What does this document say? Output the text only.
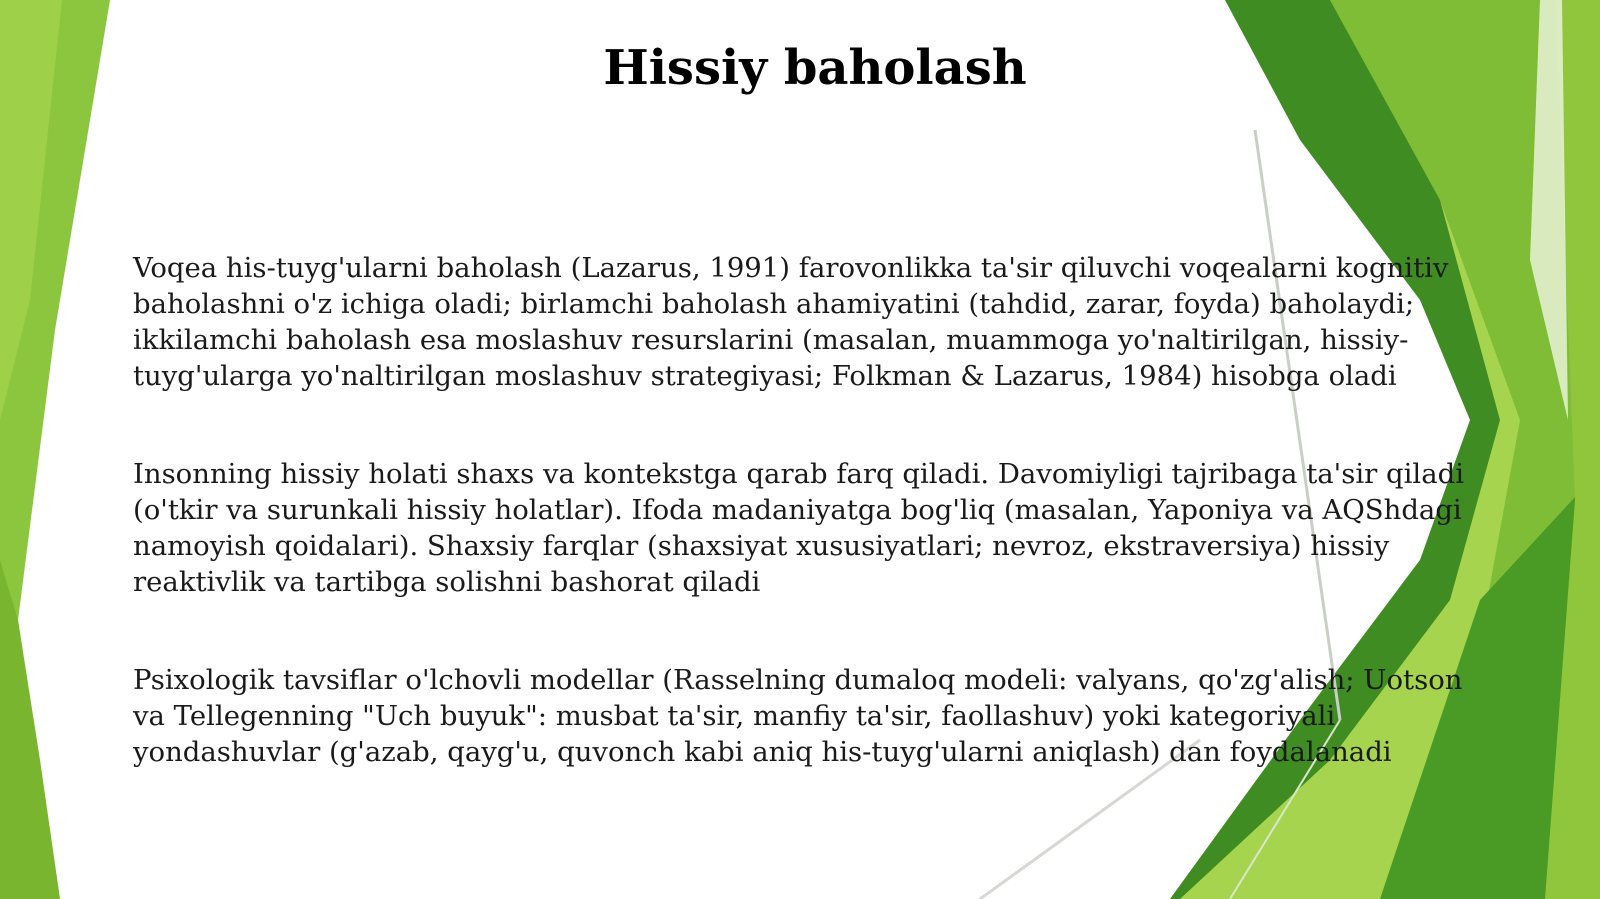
Hissiy baholash

Voqea his-tuyg'ularni baholash (Lazarus, 1991) farovonlikka ta'sir qiluvchi voqealarni kognitiv baholashni o'z ichiga oladi; birlamchi baholash ahamiyatini (tahdid, zarar, foyda) baholaydi; ikkilamchi baholash esa moslashuv resurslarini (masalan, muammoga yo'naltirilgan, hissiy-tuyg'ularga yo'naltirilgan moslashuv strategiyasi; Folkman & Lazarus, 1984) hisobga oladi

Insonning hissiy holati shaxs va kontekstga qarab farq qiladi. Davomiyligi tajribaga ta'sir qiladi (o'tkir va surunkali hissiy holatlar). Ifoda madaniyatga bog'liq (masalan, Yaponiya va AQShdagi namoyish qoidalari). Shaxsiy farqlar (shaxsiyat xususiyatlari; nevroz, ekstraversiya) hissiy reaktivlik va tartibga solishni bashorat qiladi

Psixologik tavsiflar o'lchovli modellar (Rasselning dumaloq modeli: valyans, qo'zg'alish; Uotson va Tellegenning "Uch buyuk": musbat ta'sir, manfiy ta'sir, faollashuv) yoki kategoriyali yondashuvlar (g'azab, qayg'u, quvonch kabi aniq his-tuyg'ularni aniqlash) dan foydalanadi
